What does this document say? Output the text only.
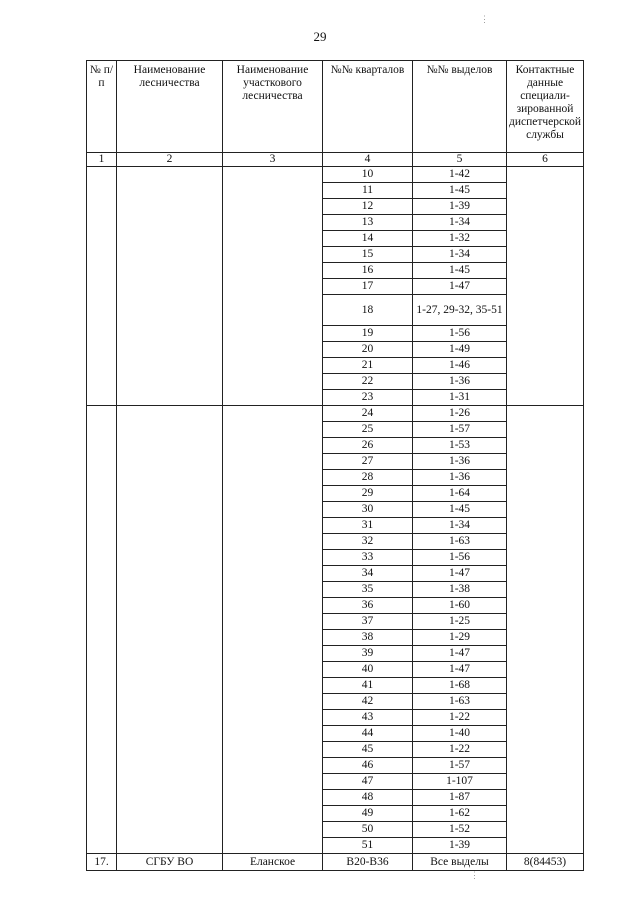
29
№ п/п	Наименование лесничества	Наименование участкового лесничества	№№ кварталов	№№ выделов	Контактные данные специали-зированной диспетчерской службы
1	2	3	4	5	6
			10	1-42	
			11	1-45	
			12	1-39	
			13	1-34	
			14	1-32	
			15	1-34	
			16	1-45	
			17	1-47	
			18	1-27, 29-32, 35-51	
			19	1-56	
			20	1-49	
			21	1-46	
			22	1-36	
			23	1-31	
			24	1-26	
			25	1-57	
			26	1-53	
			27	1-36	
			28	1-36	
			29	1-64	
			30	1-45	
			31	1-34	
			32	1-63	
			33	1-56	
			34	1-47	
			35	1-38	
			36	1-60	
			37	1-25	
			38	1-29	
			39	1-47	
			40	1-47	
			41	1-68	
			42	1-63	
			43	1-22	
			44	1-40	
			45	1-22	
			46	1-57	
			47	1-107	
			48	1-87	
			49	1-62	
			50	1-52	
			51	1-39	
17.	СГБУ ВО	Еланское	В20-В36	Все выделы	8(84453)
⋮
⋮
